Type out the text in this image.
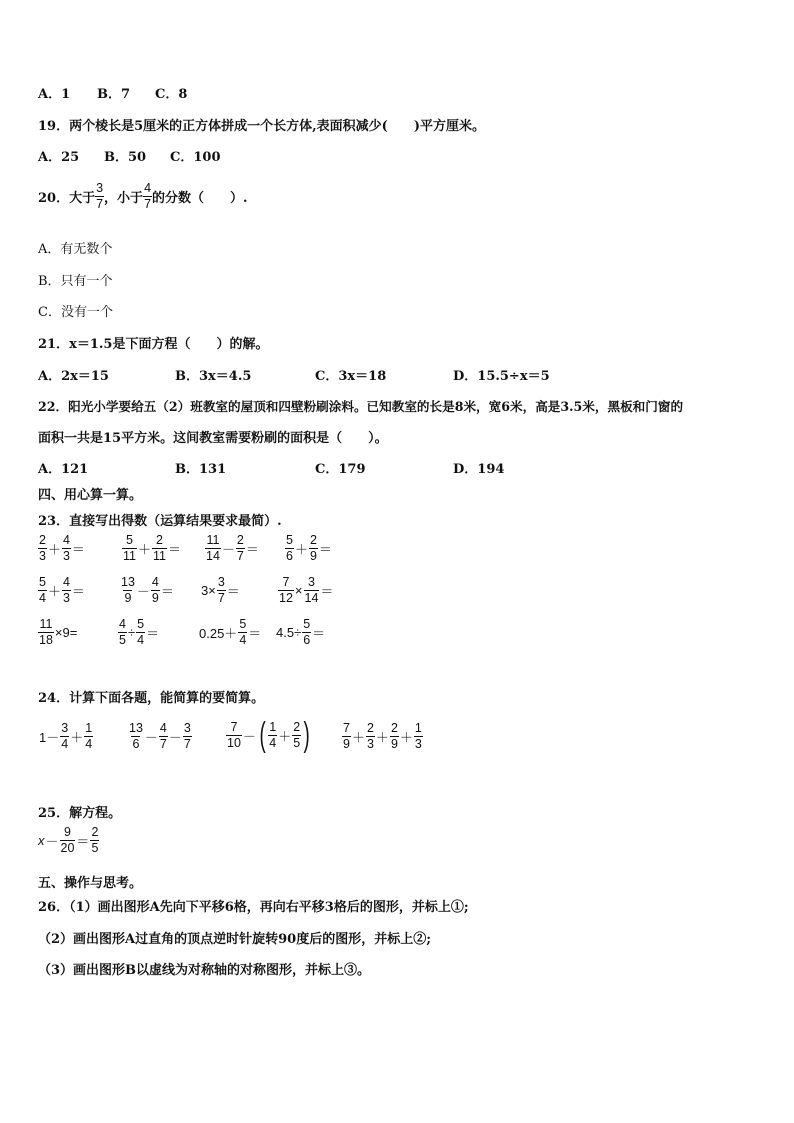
A．1 B．7 C．8
19．两个棱长是5厘米的正方体拼成一个长方体,表面积减少(　　)平方厘米。
A．25 B．50 C．100
20．大于 $\frac{3}{7}$ ，小于 $\frac{4}{7}$ 的分数（　　）.
A．有无数个
B．只有一个
C．没有一个
21．x＝1.5是下面方程（　　）的解。
A．2x＝15	B．3x＝4.5	C．3x＝18	D．15.5÷x＝5
22．阳光小学要给五（2）班教室的屋顶和四壁粉刷涂料。已知教室的长是8米，宽6米，高是3.5米，黑板和门窗的
面积一共是15平方米。这间教室需要粉刷的面积是（　　）。
A．121	B．131	C．179	D．194
四、用心算一算。
23．直接写出得数（运算结果要求最简）.
$\frac{2}{3} + \frac{4}{3}$ ＝	$\frac{5}{11} + \frac{2}{11} = \frac{11}{14} - \frac{2}{7} = \frac{5}{6} + \frac{2}{9}$ ＝
$\frac{5}{4} + \frac{4}{3}$ ＝	$\frac{13}{9} - \frac{4}{9} = 3\times \frac{3}{7}$ ＝	$\frac{7}{12} \times \frac{3}{14}$ ＝
$\frac{11}{18} \times 9=$	$\frac{4}{5} \div \frac{5}{4}$ ＝	$0.25+ \frac{5}{4} = 4.5\div \frac{5}{6}$ ＝
24．计算下面各题，能简算的要简算。
$1- \frac{3}{4} + \frac{1}{4}$	$\frac{13}{6} - \frac{4}{7} - \frac{3}{7}$	$\frac{7}{10}$ － ( $\frac{1}{4} + \frac{2}{5}$ )	$\frac{7}{9} + \frac{2}{3} + \frac{2}{9} + \frac{1}{3}$
25．解方程。
$x - \frac{9}{20} = \frac{2}{5}$
五、操作与思考。
26．（1）画出图形A先向下平移6格，再向右平移3格后的图形，并标上①;
（2）画出图形A过直角的顶点逆时针旋转90度后的图形，并标上②;
（3）画出图形B以虚线为对称轴的对称图形，并标上③。
